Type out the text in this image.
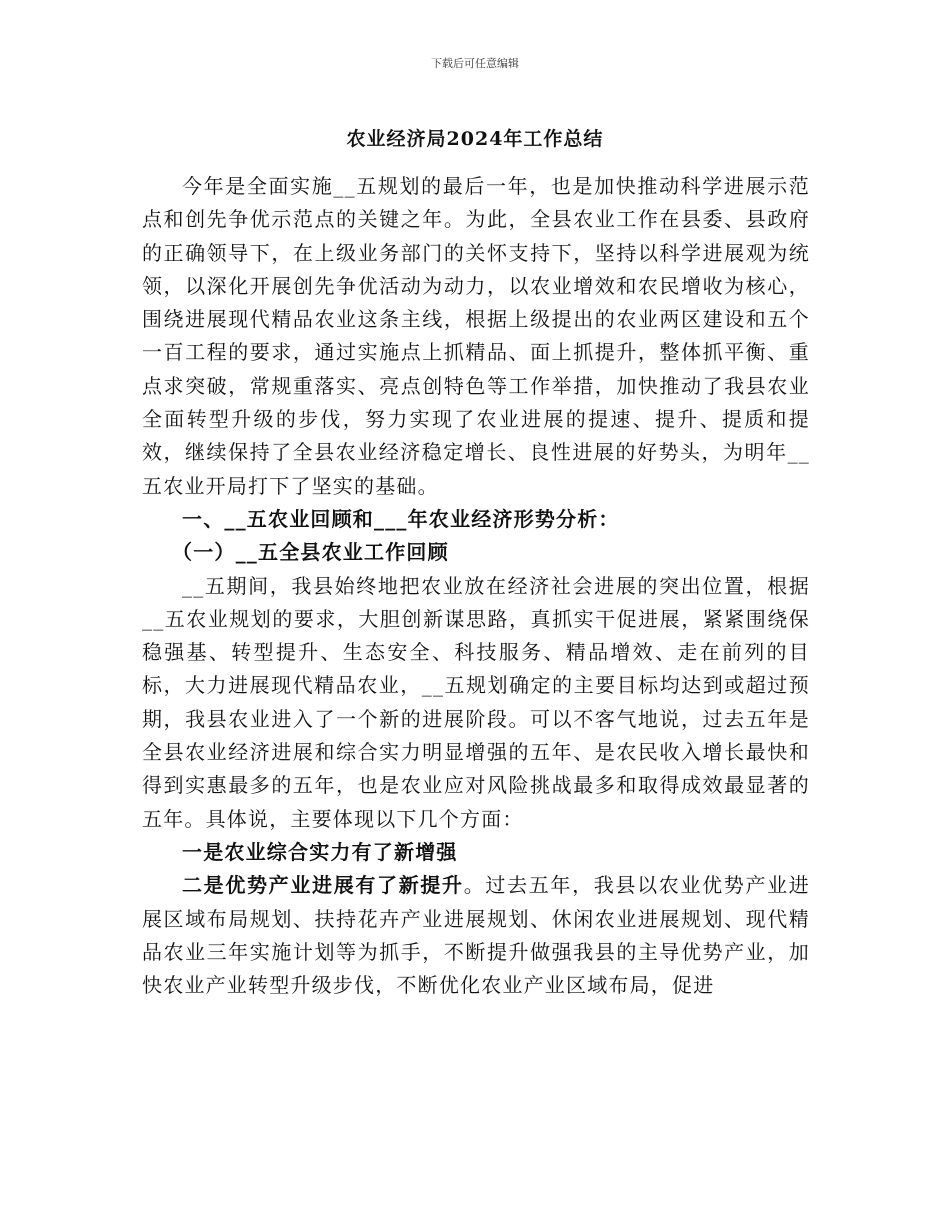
下载后可任意编辑
农业经济局2024年工作总结

今年是全面实施__五规划的最后一年，也是加快推动科学进展示范点和创先争优示范点的关键之年。为此，全县农业工作在县委、县政府的正确领导下，在上级业务部门的关怀支持下，坚持以科学进展观为统领，以深化开展创先争优活动为动力，以农业增效和农民增收为核心，围绕进展现代精品农业这条主线，根据上级提出的农业两区建设和五个一百工程的要求，通过实施点上抓精品、面上抓提升，整体抓平衡、重点求突破，常规重落实、亮点创特色等工作举措，加快推动了我县农业全面转型升级的步伐，努力实现了农业进展的提速、提升、提质和提效，继续保持了全县农业经济稳定增长、良性进展的好势头，为明年__五农业开局打下了坚实的基础。

一、__五农业回顾和___年农业经济形势分析：

（一）__五全县农业工作回顾

__五期间，我县始终地把农业放在经济社会进展的突出位置，根据__五农业规划的要求，大胆创新谋思路，真抓实干促进展，紧紧围绕保稳强基、转型提升、生态安全、科技服务、精品增效、走在前列的目标，大力进展现代精品农业，__五规划确定的主要目标均达到或超过预期，我县农业进入了一个新的进展阶段。可以不客气地说，过去五年是全县农业经济进展和综合实力明显增强的五年、是农民收入增长最快和得到实惠最多的五年，也是农业应对风险挑战最多和取得成效最显著的五年。具体说，主要体现以下几个方面：

一是农业综合实力有了新增强

二是优势产业进展有了新提升。过去五年，我县以农业优势产业进展区域布局规划、扶持花卉产业进展规划、休闲农业进展规划、现代精品农业三年实施计划等为抓手，不断提升做强我县的主导优势产业，加快农业产业转型升级步伐，不断优化农业产业区域布局，促进
